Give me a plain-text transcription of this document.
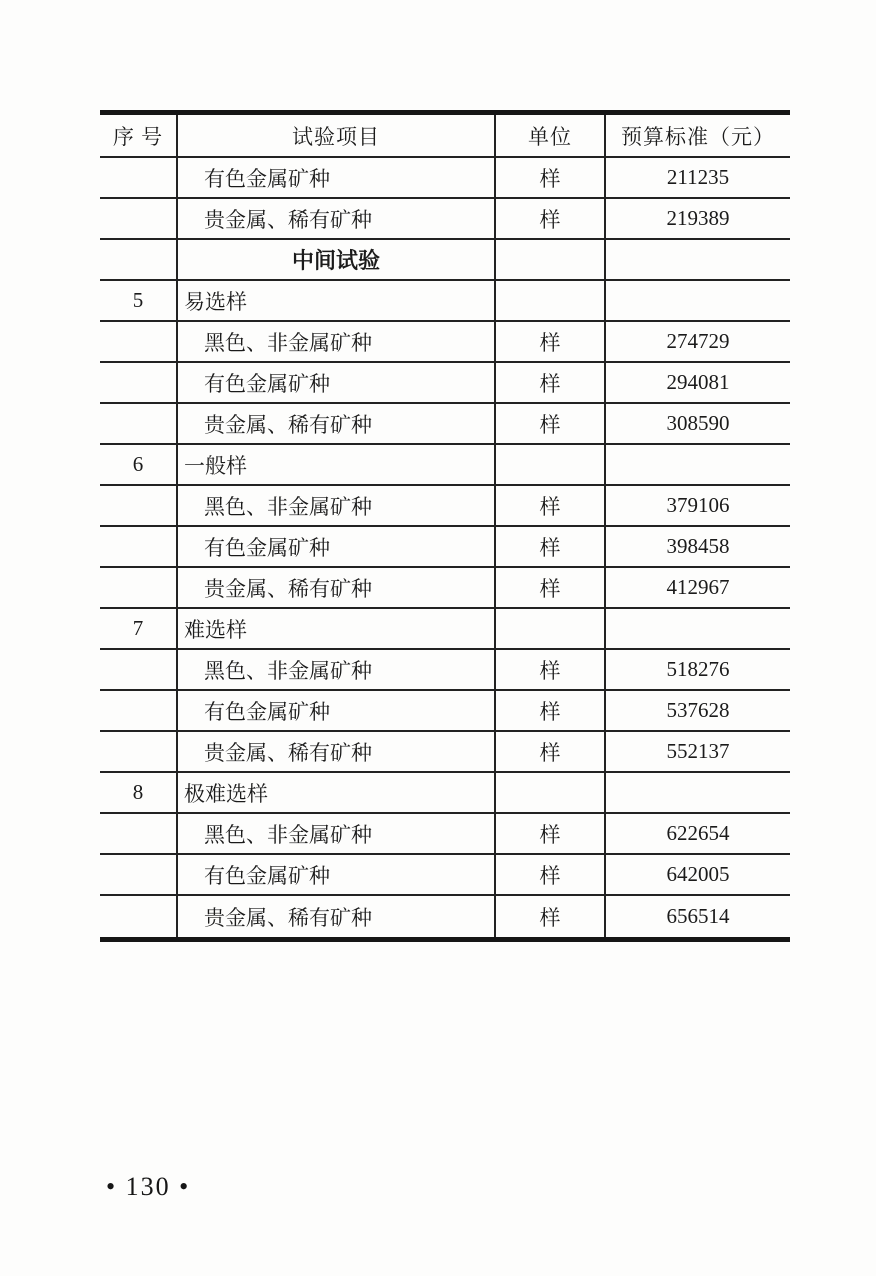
序 号	试验项目	单位	预算标准（元）
	有色金属矿种	样	211235
	贵金属、稀有矿种	样	219389
	中间试验		
5	易选样		
	黑色、非金属矿种	样	274729
	有色金属矿种	样	294081
	贵金属、稀有矿种	样	308590
6	一般样		
	黑色、非金属矿种	样	379106
	有色金属矿种	样	398458
	贵金属、稀有矿种	样	412967
7	难选样		
	黑色、非金属矿种	样	518276
	有色金属矿种	样	537628
	贵金属、稀有矿种	样	552137
8	极难选样		
	黑色、非金属矿种	样	622654
	有色金属矿种	样	642005
	贵金属、稀有矿种	样	656514
• 130 •
